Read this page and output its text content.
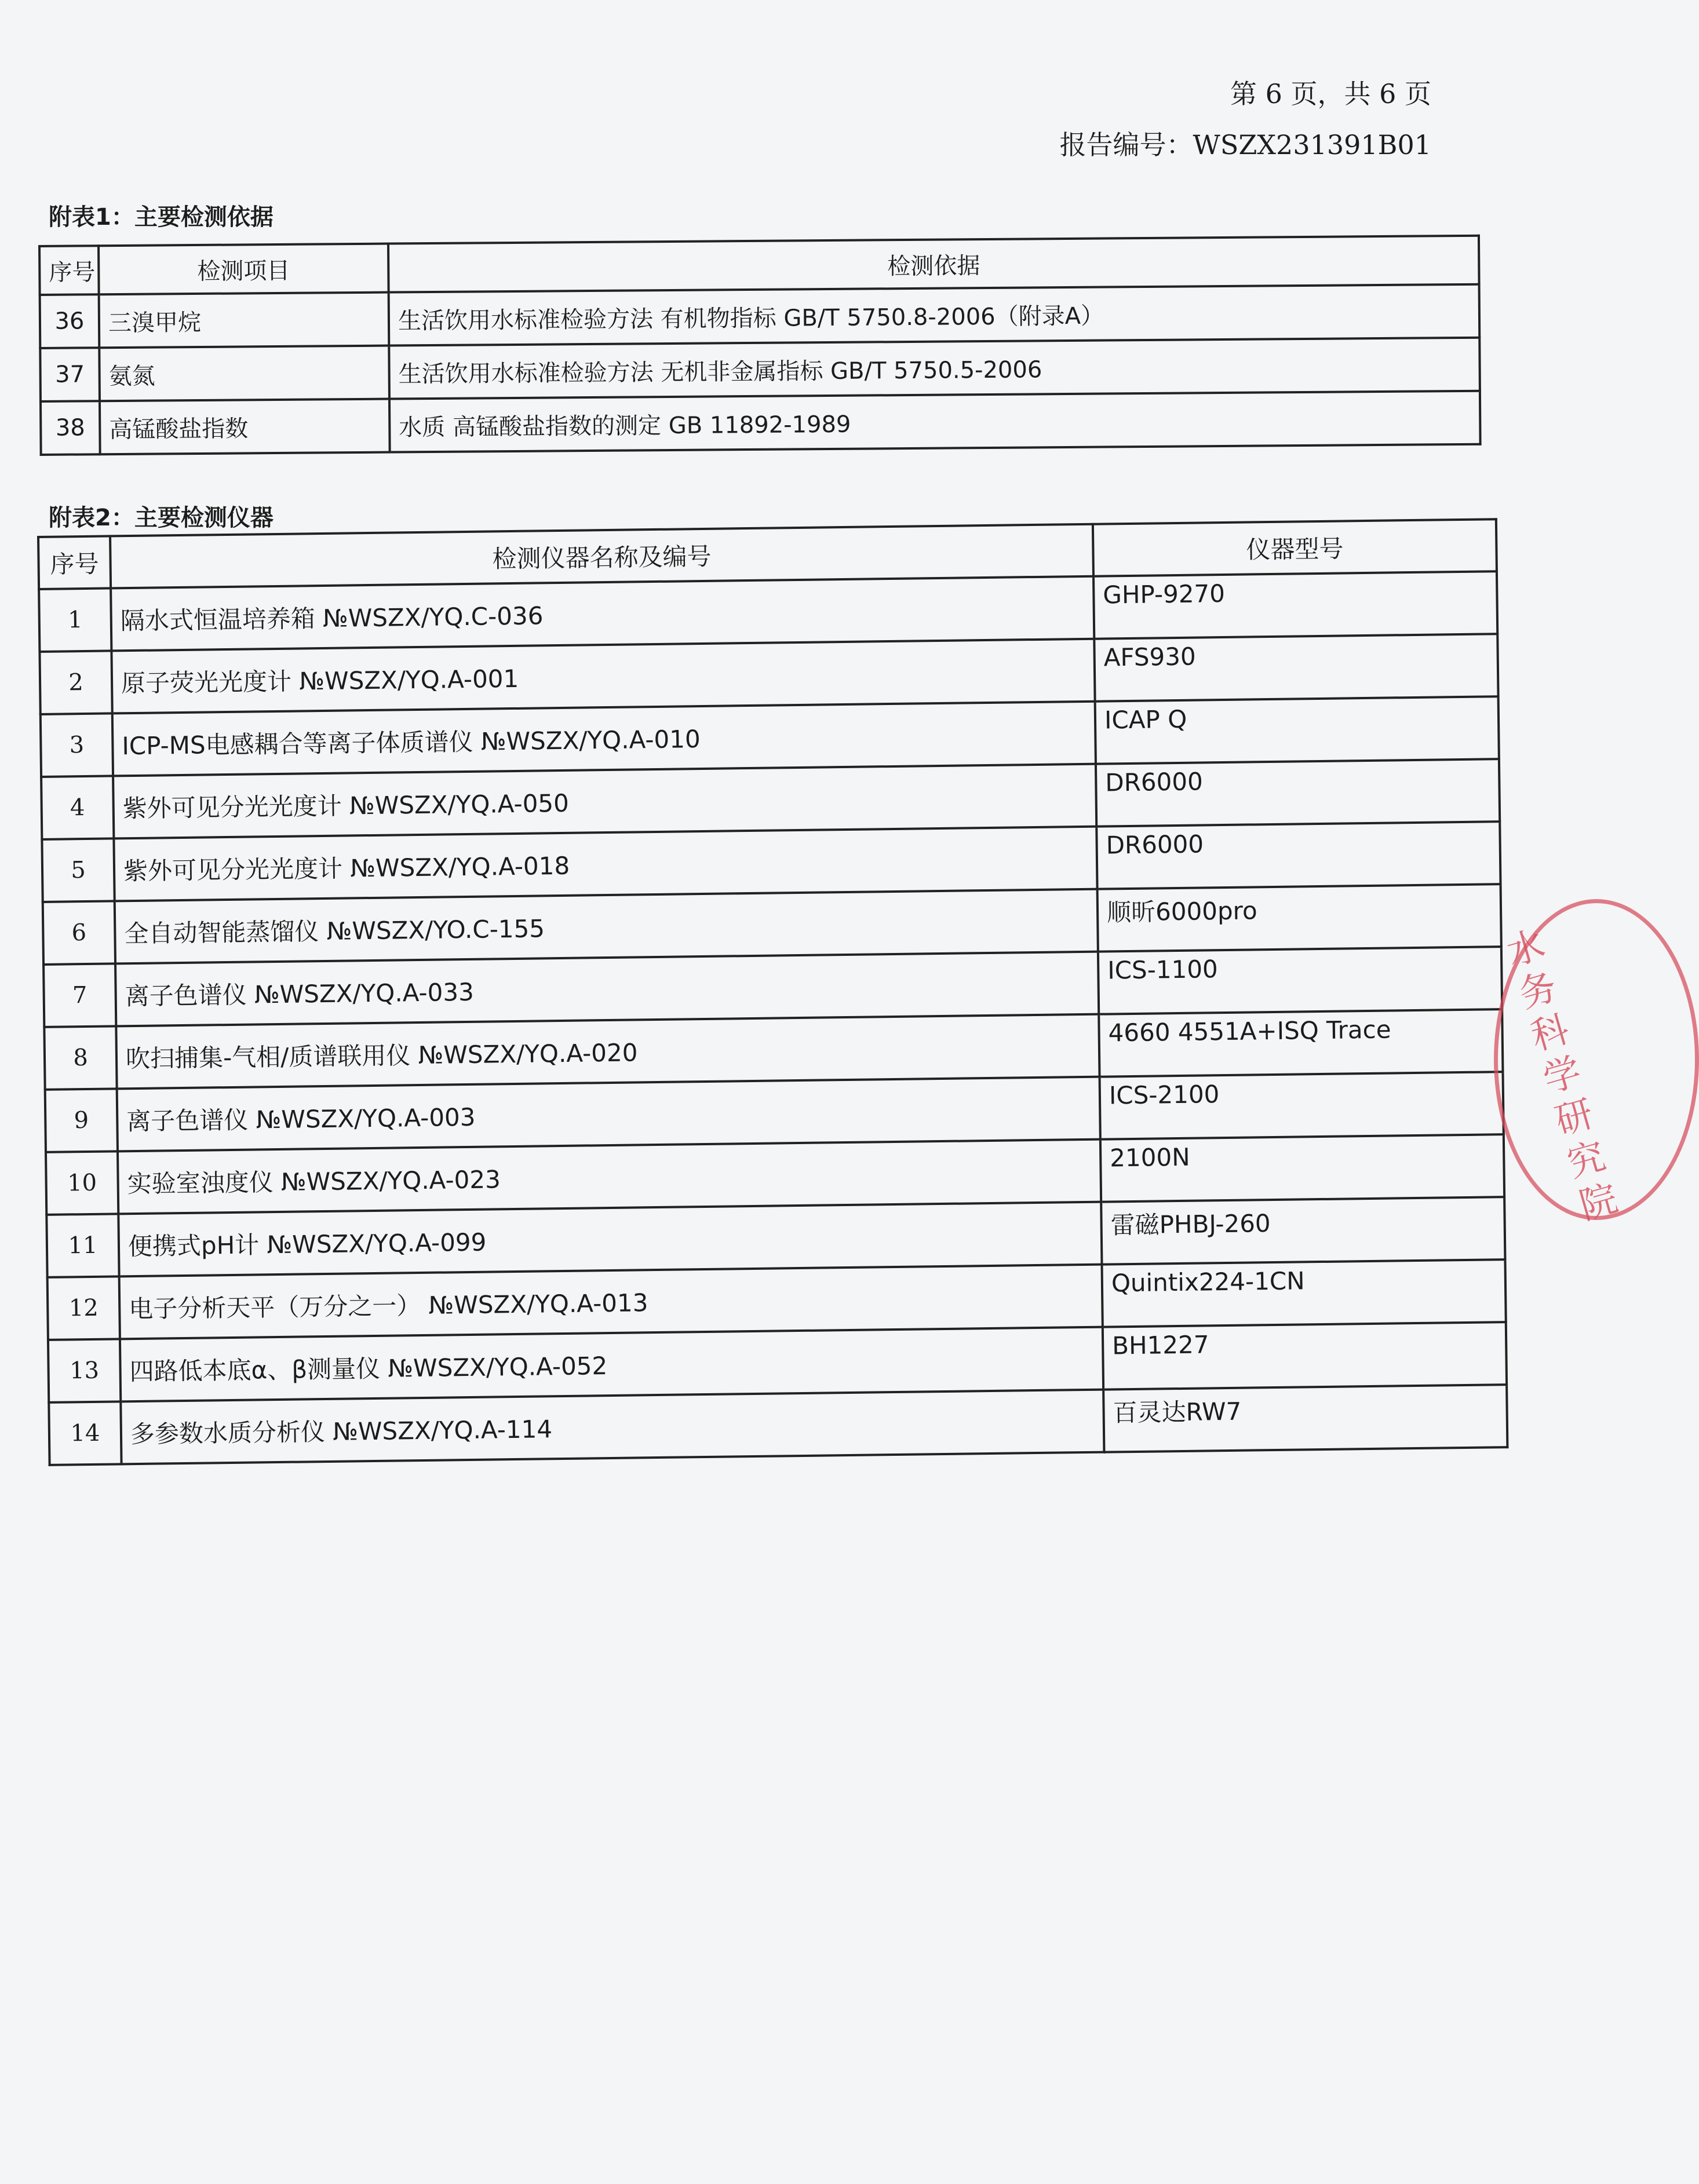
第 6 页，共 6 页
报告编号：WSZX231391B01
附表1：主要检测依据
序号	检测项目	检测依据
36	三溴甲烷	生活饮用水标准检验方法 有机物指标 GB/T 5750.8-2006（附录A）
37	氨氮	生活饮用水标准检验方法 无机非金属指标 GB/T 5750.5-2006
38	高锰酸盐指数	水质 高锰酸盐指数的测定 GB 11892-1989
附表2：主要检测仪器
序号	检测仪器名称及编号	仪器型号
1	隔水式恒温培养箱 №WSZX/YQ.C-036	GHP-9270
2	原子荧光光度计 №WSZX/YQ.A-001	AFS930
3	ICP-MS电感耦合等离子体质谱仪 №WSZX/YQ.A-010	ICAP Q
4	紫外可见分光光度计 №WSZX/YQ.A-050	DR6000
5	紫外可见分光光度计 №WSZX/YQ.A-018	DR6000
6	全自动智能蒸馏仪 №WSZX/YO.C-155	顺昕6000pro
7	离子色谱仪 №WSZX/YQ.A-033	ICS-1100
8	吹扫捕集-气相/质谱联用仪 №WSZX/YQ.A-020	4660 4551A+ISQ Trace
9	离子色谱仪 №WSZX/YQ.A-003	ICS-2100
10	实验室浊度仪 №WSZX/YQ.A-023	2100N
11	便携式pH计 №WSZX/YQ.A-099	雷磁PHBJ-260
12	电子分析天平（万分之一） №WSZX/YQ.A-013	Quintix224-1CN
13	四路低本底α、β测量仪 №WSZX/YQ.A-052	BH1227
14	多参数水质分析仪 №WSZX/YQ.A-114	百灵达RW7
水务科学研究院
